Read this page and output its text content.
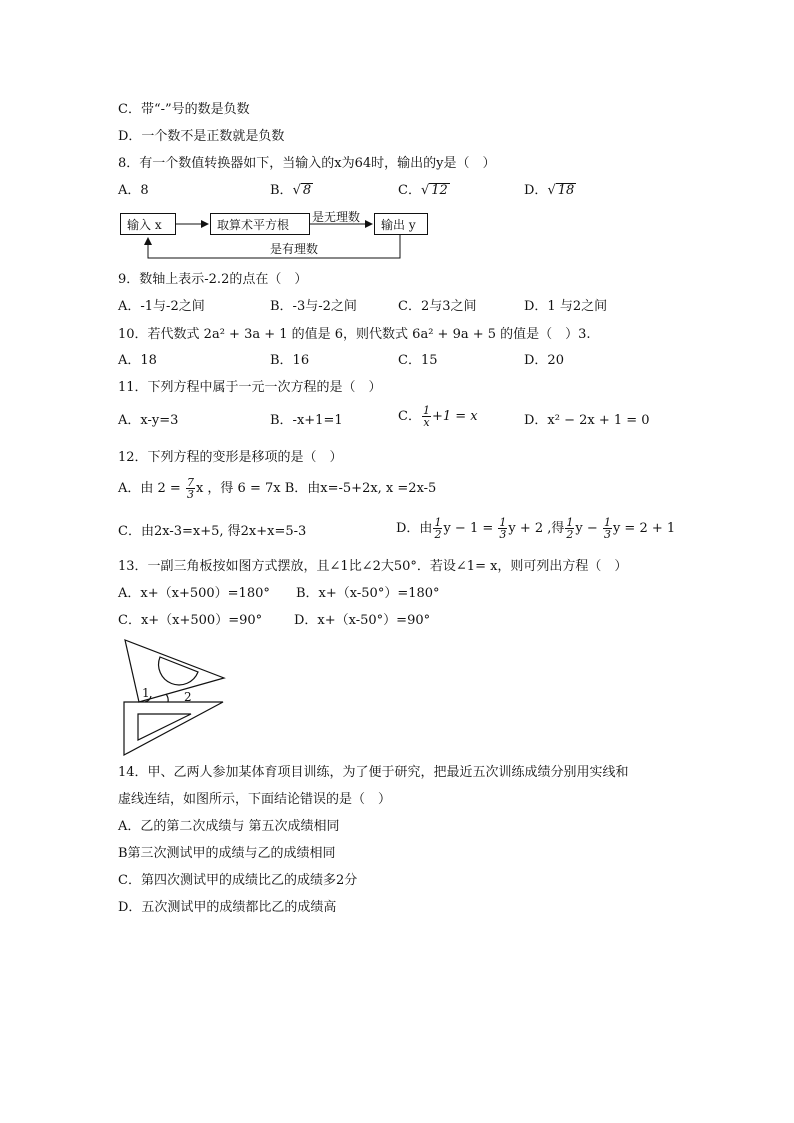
C．带“-”号的数是负数
D．一个数不是正数就是负数
8．有一个数值转换器如下，当输入的x为64时，输出的y是（　）
A．8	B．√ 8	C．√ 12	D．√ 18
输入 x	取算术平方根	输出 y
是无理数
是有理数
9．数轴上表示-2.2的点在（　）
A．-1与-2之间	B．-3与-2之间	C．2与3之间	D．1 与2之间
10．若代数式 2a² + 3a + 1 的值是 6，则代数式 6a² + 9a + 5 的值是（　）3.
A．18	B．16	C．15	D．20
11．下列方程中属于一元一次方程的是（　）
A．x-y=3	B．-x+1=1	C． $\frac{1}{x} +1 = x$	D．x² − 2x + 1 = 0
12．下列方程的变形是移项的是（　）
A．由 $2 = \frac{7}{3}$ x ，得 6 = 7x B．由x=-5+2x, x =2x-5
C．由2x-3=x+5, 得2x+x=5-3	D．由 $\frac{1}{2}$ $y - 1 = \frac{1}{3}$ y + 2 ,得 $\frac{1}{2}$ $y - \frac{1}{3}$ y = 2 + 1
13．一副三角板按如图方式摆放，且∠1比∠2大50°．若设∠1= x，则可列出方程（　）
A．x+（x+500）=180° B．x+（x-50°）=180°
C．x+（x+500）=90° D．x+（x-50°）=90°
1	2
14．甲、乙两人参加某体育项目训练，为了便于研究，把最近五次训练成绩分别用实线和
虚线连结，如图所示，下面结论错误的是（　）
A．乙的第二次成绩与 第五次成绩相同
B第三次测试甲的成绩与乙的成绩相同
C．第四次测试甲的成绩比乙的成绩多2分
D．五次测试甲的成绩都比乙的成绩高
